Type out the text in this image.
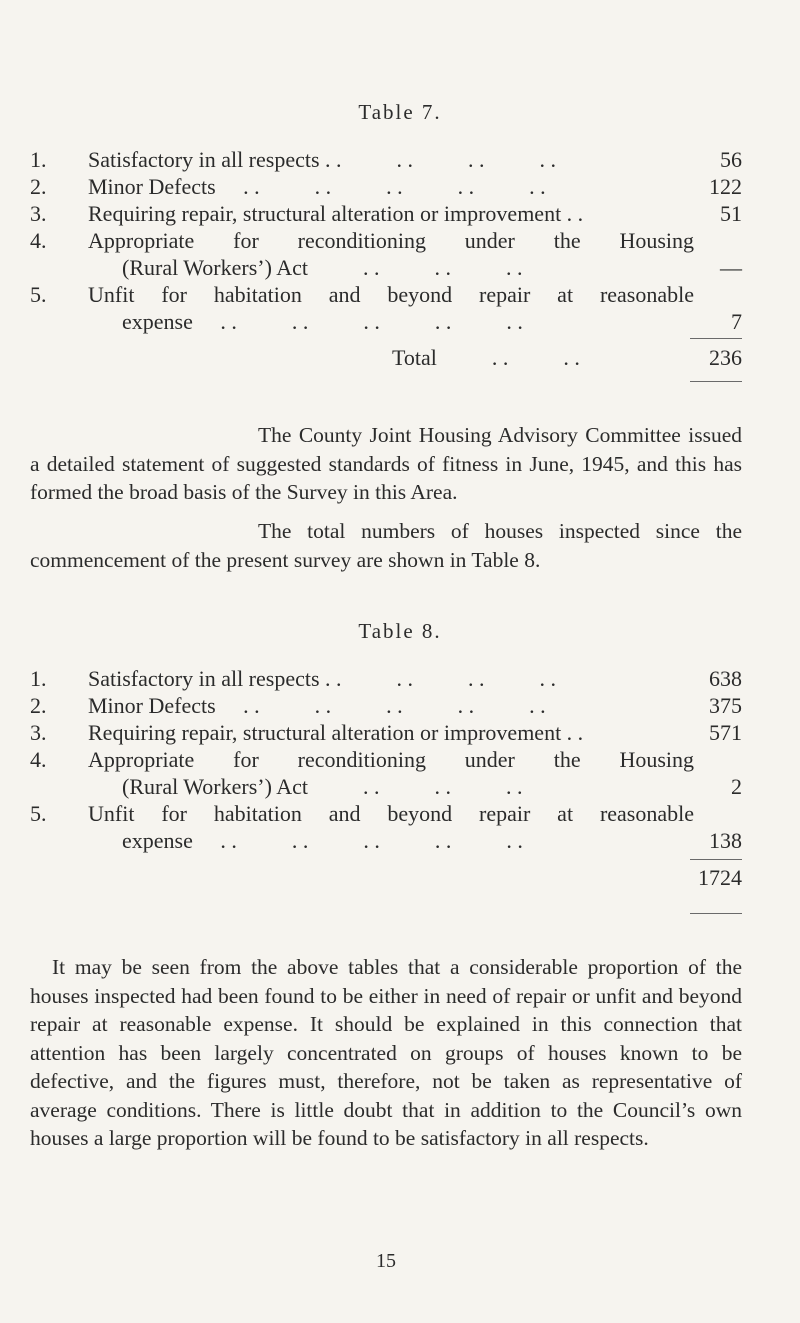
Table 7.
1. Satisfactory in all respects . .          . .          . .          . .	56
2. Minor Defects     . .          . .          . .          . .          . .	122
3. Requiring repair, structural alteration or improvement . .	51
4. Appropriate for reconditioning under the Housing
(Rural Workers’) Act          . .          . .          . .	—
5. Unfit for habitation and beyond repair at reasonable
expense     . .          . .          . .          . .          . .	7
Total          . .          . .	236
The County Joint Housing Advisory Committee issued a detailed statement of suggested standards of fitness in June, 1945, and this has formed the broad basis of the Survey in this Area.
The total numbers of houses inspected since the commencement of the present survey are shown in Table 8.
Table 8.
1. Satisfactory in all respects . .          . .          . .          . .	638
2. Minor Defects     . .          . .          . .          . .          . .	375
3. Requiring repair, structural alteration or improvement . .	571
4. Appropriate for reconditioning under the Housing
(Rural Workers’) Act          . .          . .          . .	2
5. Unfit for habitation and beyond repair at reasonable
expense     . .          . .          . .          . .          . .	138
1724
It may be seen from the above tables that a considerable proportion of the houses inspected had been found to be either in need of repair or unfit and beyond repair at reasonable expense. It should be explained in this connection that attention has been largely concentrated on groups of houses known to be defective, and the figures must, therefore, not be taken as representative of average conditions. There is little doubt that in addition to the Council’s own houses a large proportion will be found to be satisfactory in all respects.
15
